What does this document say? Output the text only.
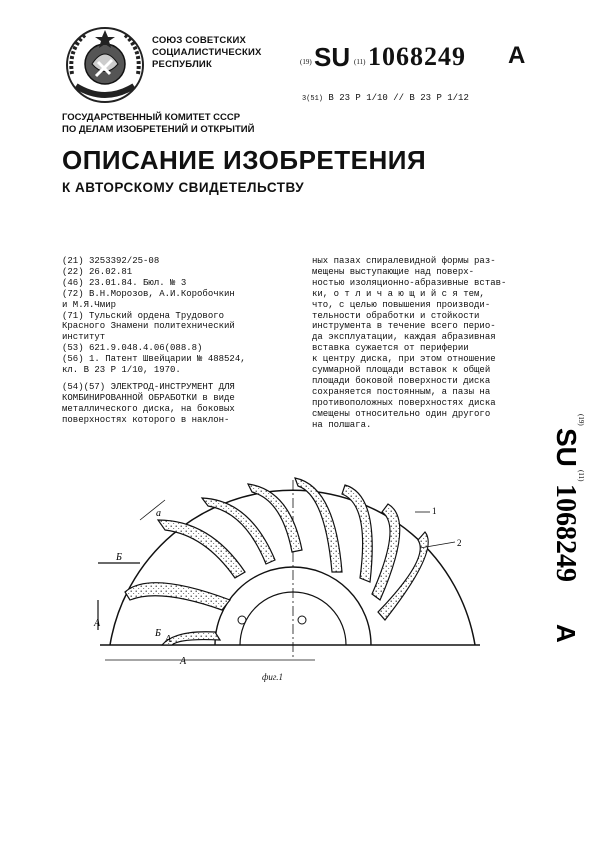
СОЮЗ СОВЕТСКИХ
СОЦИАЛИСТИЧЕСКИХ
РЕСПУБЛИК	(19) SU (11) 1068249 A
3(51) В 23 Р 1/10 // В 23 Р 1/12
ГОСУДАРСТВЕННЫЙ КОМИТЕТ СССР
ПО ДЕЛАМ ИЗОБРЕТЕНИЙ И ОТКРЫТИЙ
ОПИСАНИЕ ИЗОБРЕТЕНИЯ
К АВТОРСКОМУ СВИДЕТЕЛЬСТВУ
(21) 3253392/25-08
(22) 26.02.81
(46) 23.01.84. Бюл. № 3
(72) В.Н.Морозов, А.И.Коробочкин
и М.Я.Чмир
(71) Тульский ордена Трудового
Красного Знамени политехнический
институт
(53) 621.9.048.4.06(088.8)
(56) 1. Патент Швейцарии № 488524,
кл. В 23 Р 1/10, 1970.
(54)(57) ЭЛЕКТРОД-ИНСТРУМЕНТ ДЛЯ
КОМБИНИРОВАННОЙ ОБРАБОТКИ в виде
металлического диска, на боковых
поверхностях которого в наклон-
ных пазах спиралевидной формы раз-
мещены выступающие над поверх-
ностью изоляционно-абразивные встав-
ки, о т л и ч а ю щ и й с я тем,
что, с целью повышения производи-
тельности обработки и стойкости
инструмента в течение всего перио-
да эксплуатации, каждая абразивная
вставка сужается от периферии
к центру диска, при этом отношение
суммарной площади вставок к общей
площади боковой поверхности диска
сохраняется постоянным, а пазы на
противоположных поверхностях диска
смещены относительно один другого
на полшага.	(19)
SU
(11)
1068249
A
а
Б
Б
А
А
А
1
2
фиг.1
